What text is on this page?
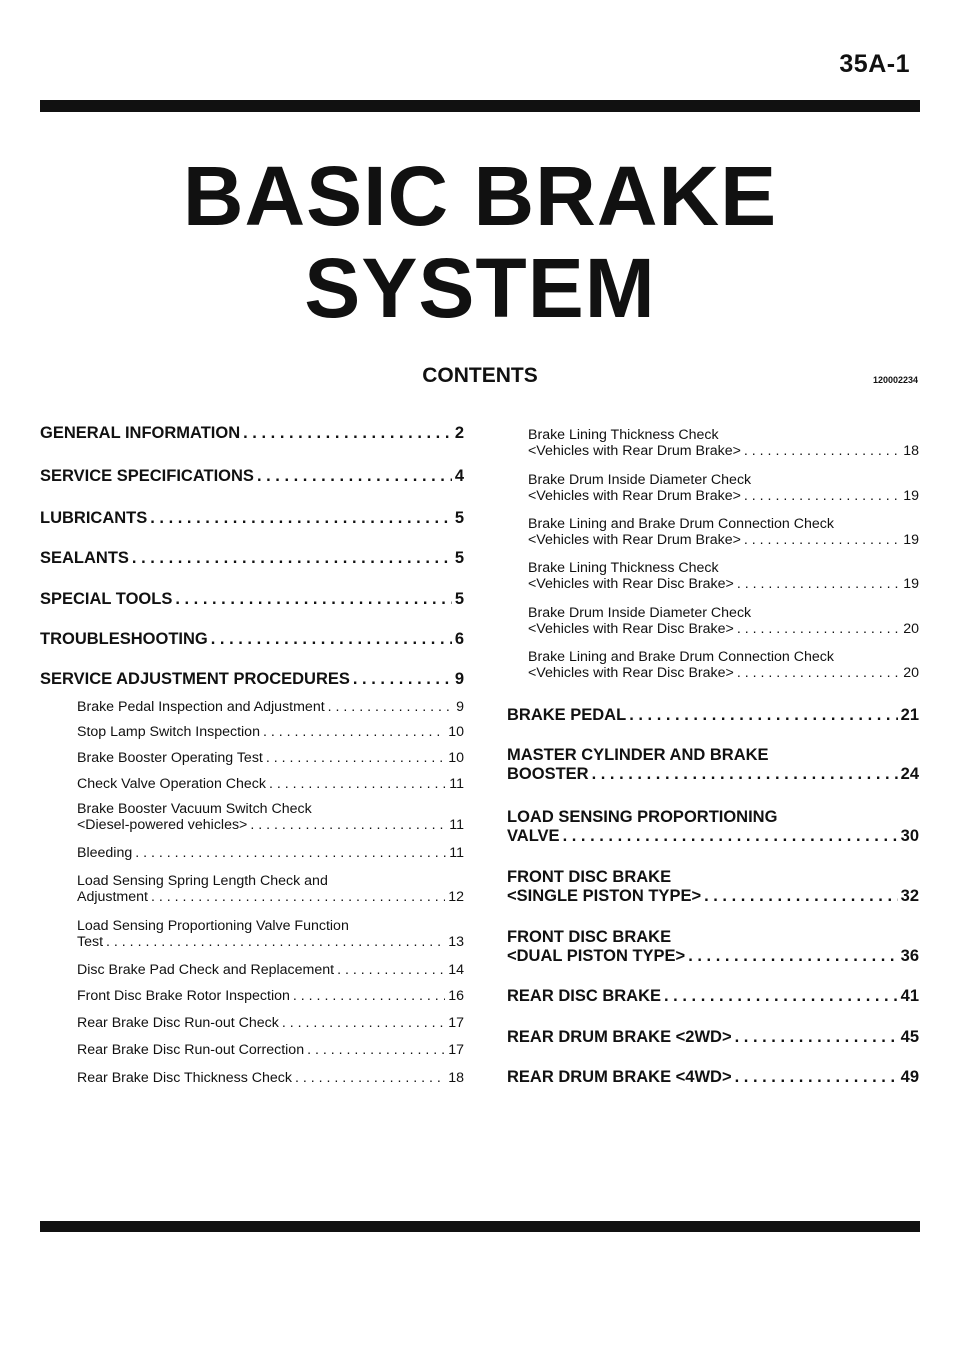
35A-1
BASIC BRAKE
SYSTEM
CONTENTS	120002234
GENERAL INFORMATION . . .	2
SERVICE SPECIFICATIONS . . .	4
LUBRICANTS . . .	5
SEALANTS . . .	5
SPECIAL TOOLS . . .	5
TROUBLESHOOTING . . .	6
SERVICE ADJUSTMENT PROCEDURES . . .	9
Brake Pedal Inspection and Adjustment . . .	9
Stop Lamp Switch Inspection . . .	10
Brake Booster Operating Test . . .	10
Check Valve Operation Check . . .	11
Brake Booster Vacuum Switch Check
<Diesel-powered vehicles> . . .	11
Bleeding . . .	11
Load Sensing Spring Length Check and
Adjustment . . .	12
Load Sensing Proportioning Valve Function
Test . . .	13
Disc Brake Pad Check and Replacement . . .	14
Front Disc Brake Rotor Inspection . . .	16
Rear Brake Disc Run-out Check . . .	17
Rear Brake Disc Run-out Correction . . .	17
Rear Brake Disc Thickness Check . . .	18
Brake Lining Thickness Check
<Vehicles with Rear Drum Brake> . . .	18
Brake Drum Inside Diameter Check
<Vehicles with Rear Drum Brake> . . .	19
Brake Lining and Brake Drum Connection Check
<Vehicles with Rear Drum Brake> . . .	19
Brake Lining Thickness Check
<Vehicles with Rear Disc Brake> . . .	19
Brake Drum Inside Diameter Check
<Vehicles with Rear Disc Brake> . . .	20
Brake Lining and Brake Drum Connection Check
<Vehicles with Rear Disc Brake> . . .	20
BRAKE PEDAL . . .	21
MASTER CYLINDER AND BRAKE
BOOSTER . . .	24
LOAD SENSING PROPORTIONING
VALVE . . .	30
FRONT DISC BRAKE
<SINGLE PISTON TYPE> . . .	32
FRONT DISC BRAKE
<DUAL PISTON TYPE> . . .	36
REAR DISC BRAKE . . .	41
REAR DRUM BRAKE <2WD> . . .	45
REAR DRUM BRAKE <4WD> . . .	49
